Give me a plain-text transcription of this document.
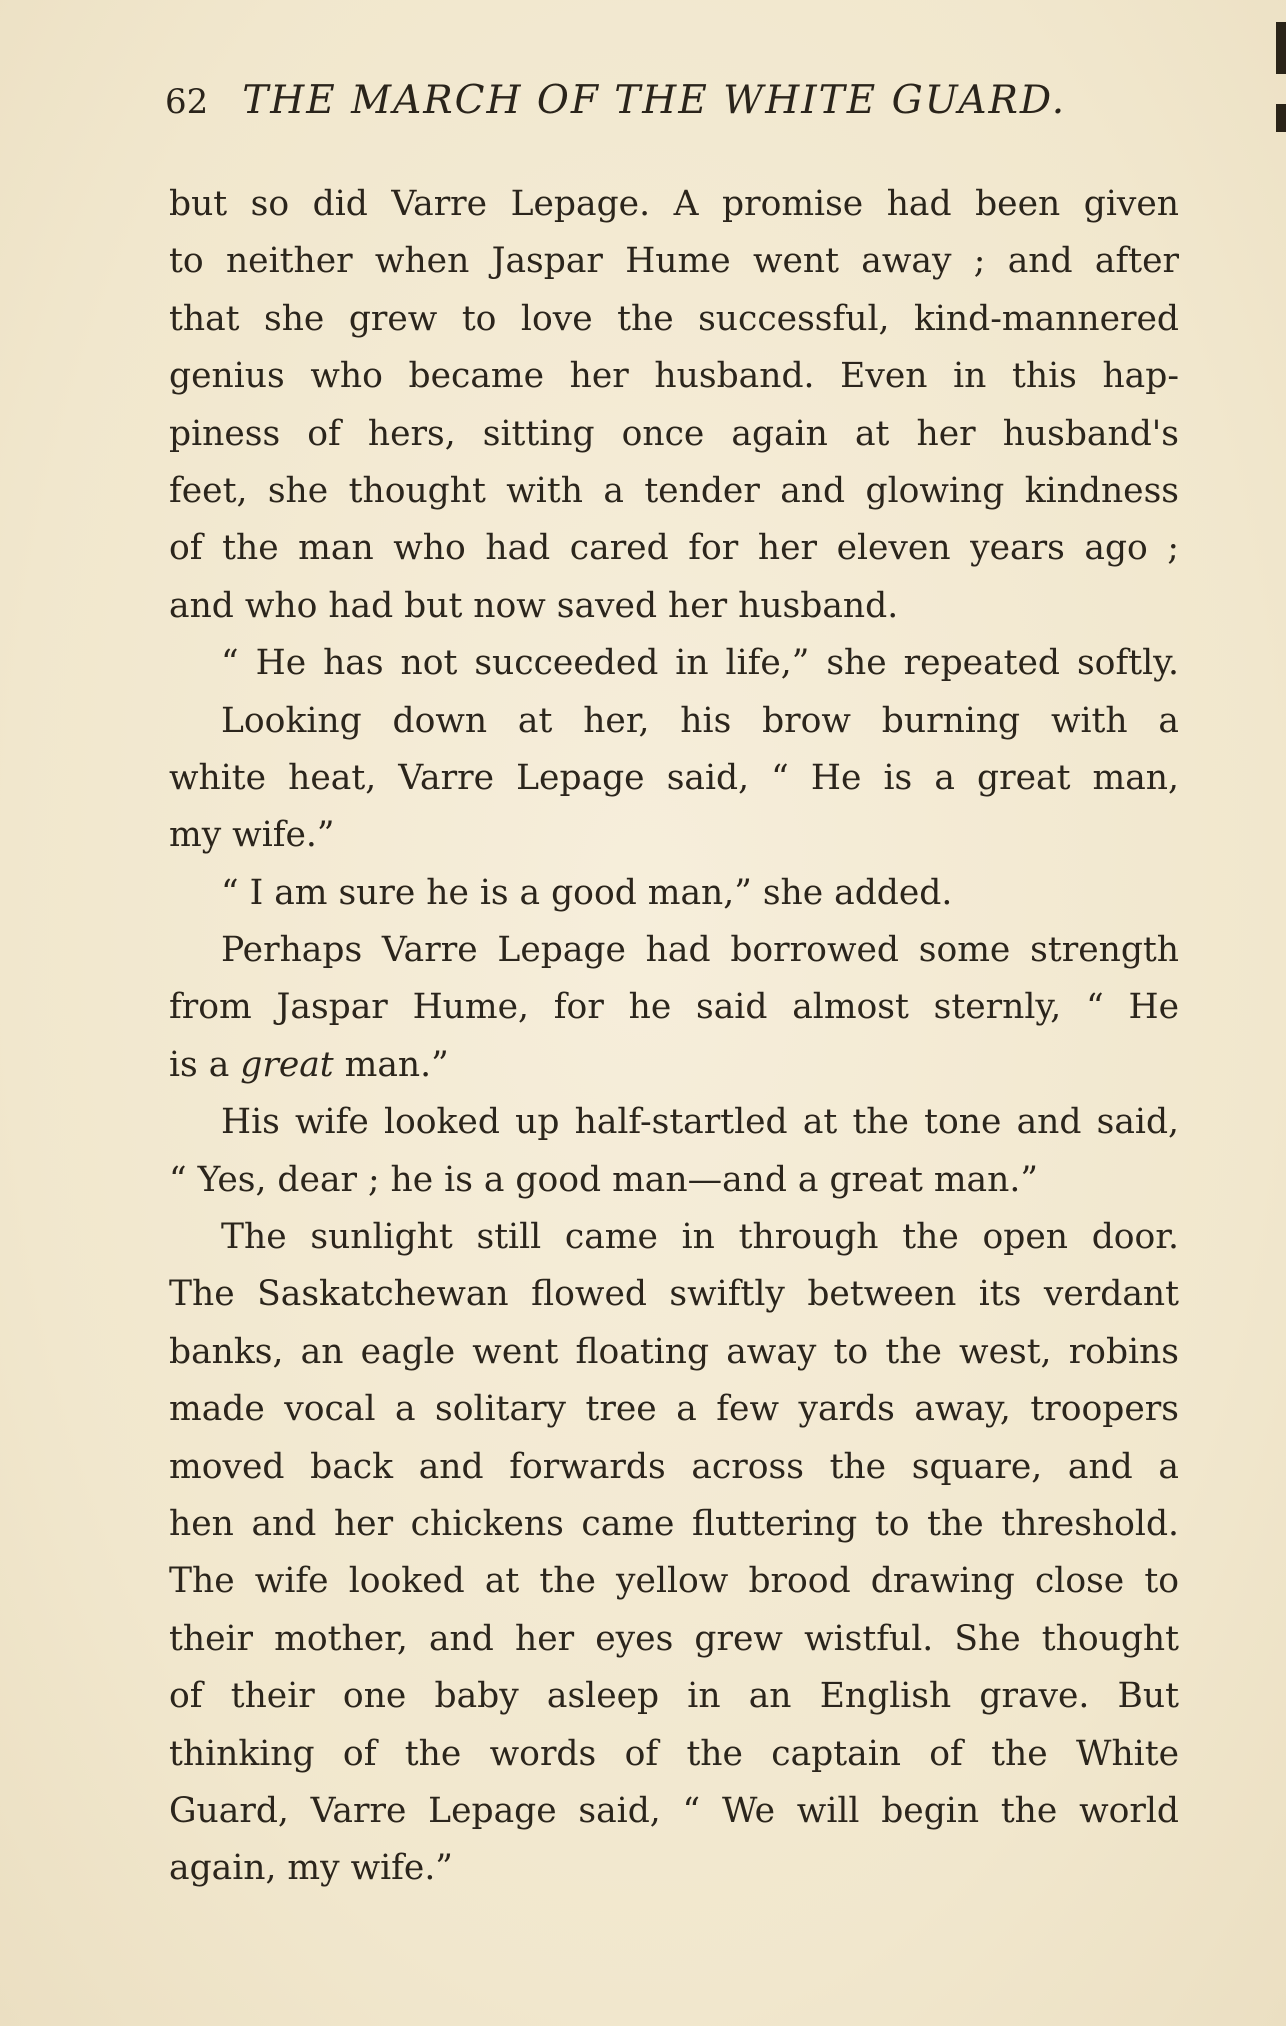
62 THE MARCH OF THE WHITE GUARD.
but so did Varre Lepage. A promise had been given
to neither when Jaspar Hume went away ; and after
that she grew to love the successful, kind-mannered
genius who became her husband. Even in this hap-
piness of hers, sitting once again at her husband's
feet, she thought with a tender and glowing kindness
of the man who had cared for her eleven years ago ;
and who had but now saved her husband.
“ He has not succeeded in life,” she repeated softly.
Looking down at her, his brow burning with a
white heat, Varre Lepage said, “ He is a great man,
my wife.”
“ I am sure he is a good man,” she added.
Perhaps Varre Lepage had borrowed some strength
from Jaspar Hume, for he said almost sternly, “ He
is a great man.”
His wife looked up half-startled at the tone and said,
“ Yes, dear ; he is a good man—and a great man.”
The sunlight still came in through the open door.
The Saskatchewan flowed swiftly between its verdant
banks, an eagle went floating away to the west, robins
made vocal a solitary tree a few yards away, troopers
moved back and forwards across the square, and a
hen and her chickens came fluttering to the threshold.
The wife looked at the yellow brood drawing close to
their mother, and her eyes grew wistful. She thought
of their one baby asleep in an English grave. But
thinking of the words of the captain of the White
Guard, Varre Lepage said, “ We will begin the world
again, my wife.”
